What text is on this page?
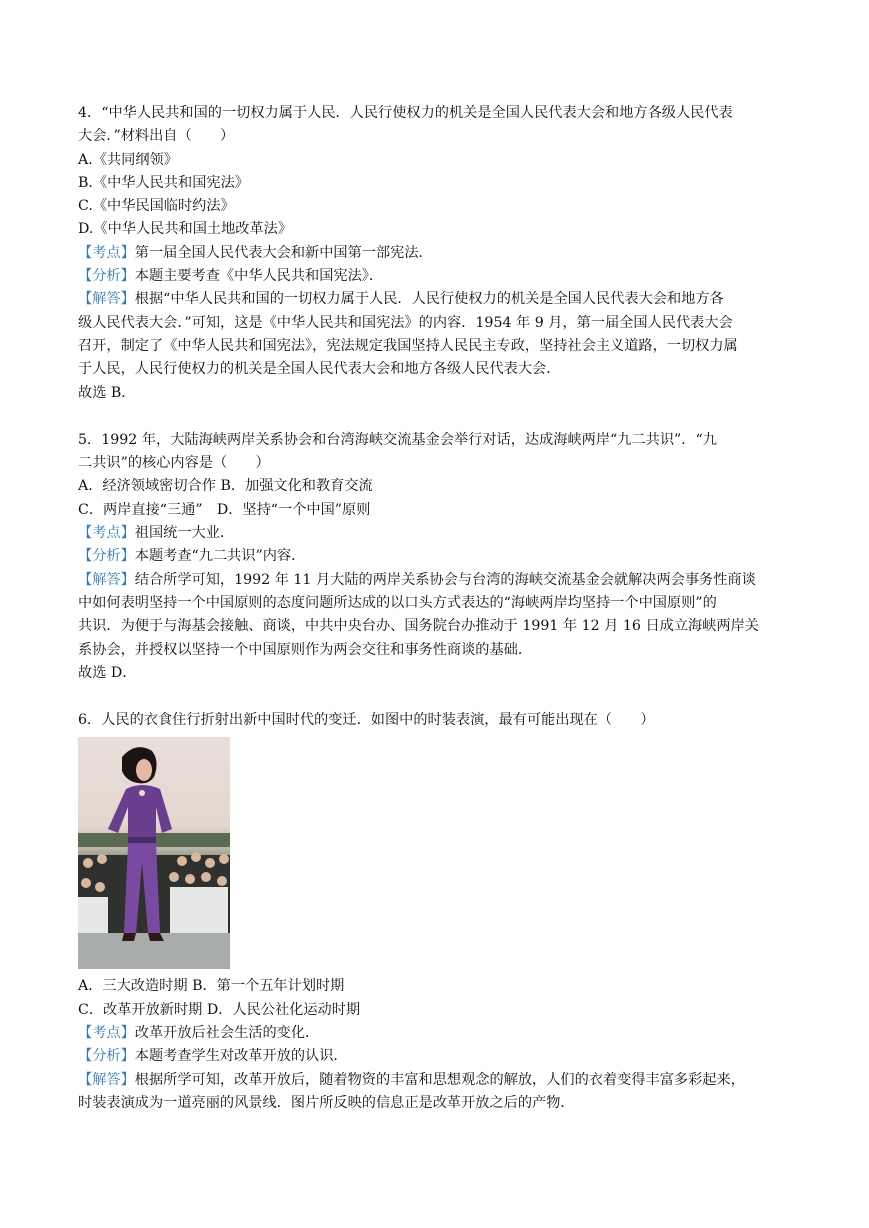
4．“中华人民共和国的一切权力属于人民．人民行使权力的机关是全国人民代表大会和地方各级人民代表
大会．”材料出自（　　）
A.《共同纲领》
B.《中华人民共和国宪法》
C.《中华民国临时约法》
D.《中华人民共和国土地改革法》
【考点】第一届全国人民代表大会和新中国第一部宪法．
【分析】本题主要考查《中华人民共和国宪法》．
【解答】根据“中华人民共和国的一切权力属于人民．人民行使权力的机关是全国人民代表大会和地方各
级人民代表大会．”可知，这是《中华人民共和国宪法》的内容．1954 年 9 月，第一届全国人民代表大会
召开，制定了《中华人民共和国宪法》，宪法规定我国坚持人民民主专政，坚持社会主义道路，一切权力属
于人民，人民行使权力的机关是全国人民代表大会和地方各级人民代表大会．
故选 B．
5．1992 年，大陆海峡两岸关系协会和台湾海峡交流基金会举行对话，达成海峡两岸“九二共识”．“九
二共识”的核心内容是（　　）
A．经济领域密切合作 B．加强文化和教育交流
C．两岸直接“三通”　D．坚持“一个中国”原则
【考点】祖国统一大业．
【分析】本题考查“九二共识”内容．
【解答】结合所学可知，1992 年 11 月大陆的两岸关系协会与台湾的海峡交流基金会就解决两会事务性商谈
中如何表明坚持一个中国原则的态度问题所达成的以口头方式表达的“海峡两岸均坚持一个中国原则”的
共识．为便于与海基会接触、商谈，中共中央台办、国务院台办推动于 1991 年 12 月 16 日成立海峡两岸关
系协会，并授权以坚持一个中国原则作为两会交往和事务性商谈的基础．
故选 D．
6．人民的衣食住行折射出新中国时代的变迁．如图中的时装表演，最有可能出现在（　　）
A．三大改造时期 B．第一个五年计划时期
C．改革开放新时期 D．人民公社化运动时期
【考点】改革开放后社会生活的变化．
【分析】本题考查学生对改革开放的认识．
【解答】根据所学可知，改革开放后，随着物资的丰富和思想观念的解放，人们的衣着变得丰富多彩起来，
时装表演成为一道亮丽的风景线．图片所反映的信息正是改革开放之后的产物．
